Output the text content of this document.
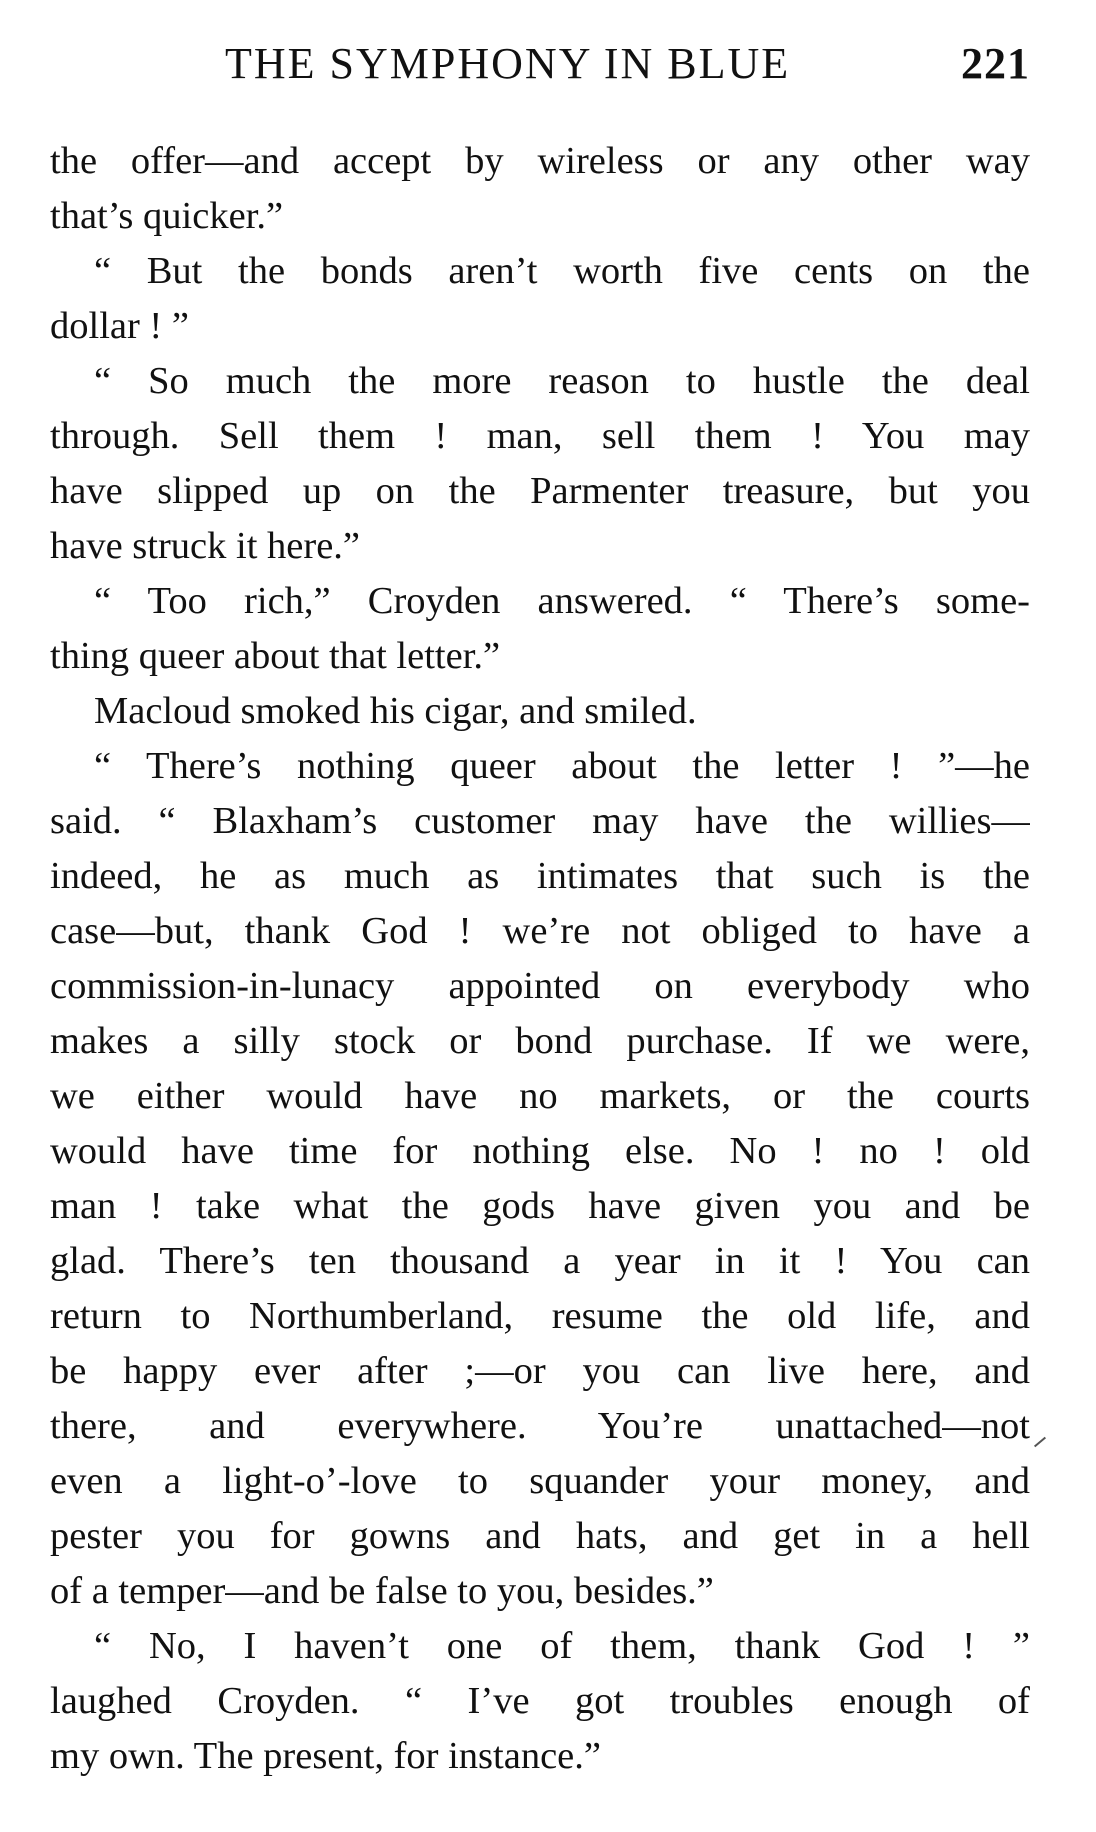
THE SYMPHONY IN BLUE	221
the offer—and accept by wireless or any other way
that’s quicker.”
“ But the bonds aren’t worth five cents on the
dollar ! ”
“ So much the more reason to hustle the deal
through. Sell them ! man, sell them ! You may
have slipped up on the Parmenter treasure, but you
have struck it here.”
“ Too rich,” Croyden answered. “ There’s some-
thing queer about that letter.”
Macloud smoked his cigar, and smiled.
“ There’s nothing queer about the letter ! ”—he
said. “ Blaxham’s customer may have the willies—
indeed, he as much as intimates that such is the
case—but, thank God ! we’re not obliged to have a
commission-in-lunacy appointed on everybody who
makes a silly stock or bond purchase. If we were,
we either would have no markets, or the courts
would have time for nothing else. No ! no ! old
man ! take what the gods have given you and be
glad. There’s ten thousand a year in it ! You can
return to Northumberland, resume the old life, and
be happy ever after ;—or you can live here, and
there, and everywhere. You’re unattached—not
even a light-o’-love to squander your money, and
pester you for gowns and hats, and get in a hell
of a temper—and be false to you, besides.”
“ No, I haven’t one of them, thank God ! ”
laughed Croyden. “ I’ve got troubles enough of
my own. The present, for instance.”
